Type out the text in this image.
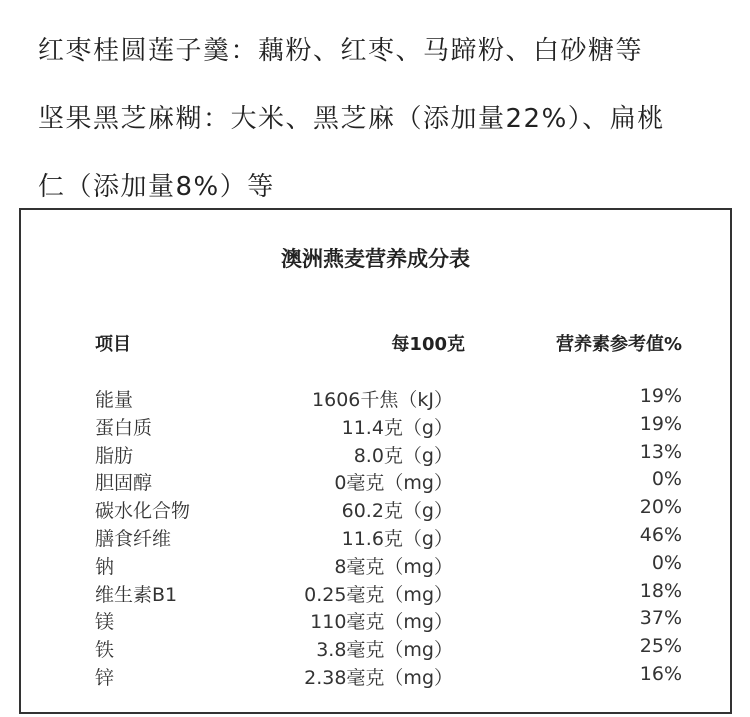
红枣桂圆莲子羹：藕粉、红枣、马蹄粉、白砂糖等
坚果黑芝麻糊：大米、黑芝麻（添加量22%）、扁桃
仁（添加量8%）等
澳洲燕麦营养成分表
项目	每100克	营养素参考值%
能量	1606千焦（kJ）	19%
蛋白质	11.4克（g）	19%
脂肪	8.0克（g）	13%
胆固醇	0毫克（mg）	0%
碳水化合物	60.2克（g）	20%
膳食纤维	11.6克（g）	46%
钠	8毫克（mg）	0%
维生素B1	0.25毫克（mg）	18%
镁	110毫克（mg）	37%
铁	3.8毫克（mg）	25%
锌	2.38毫克（mg）	16%
